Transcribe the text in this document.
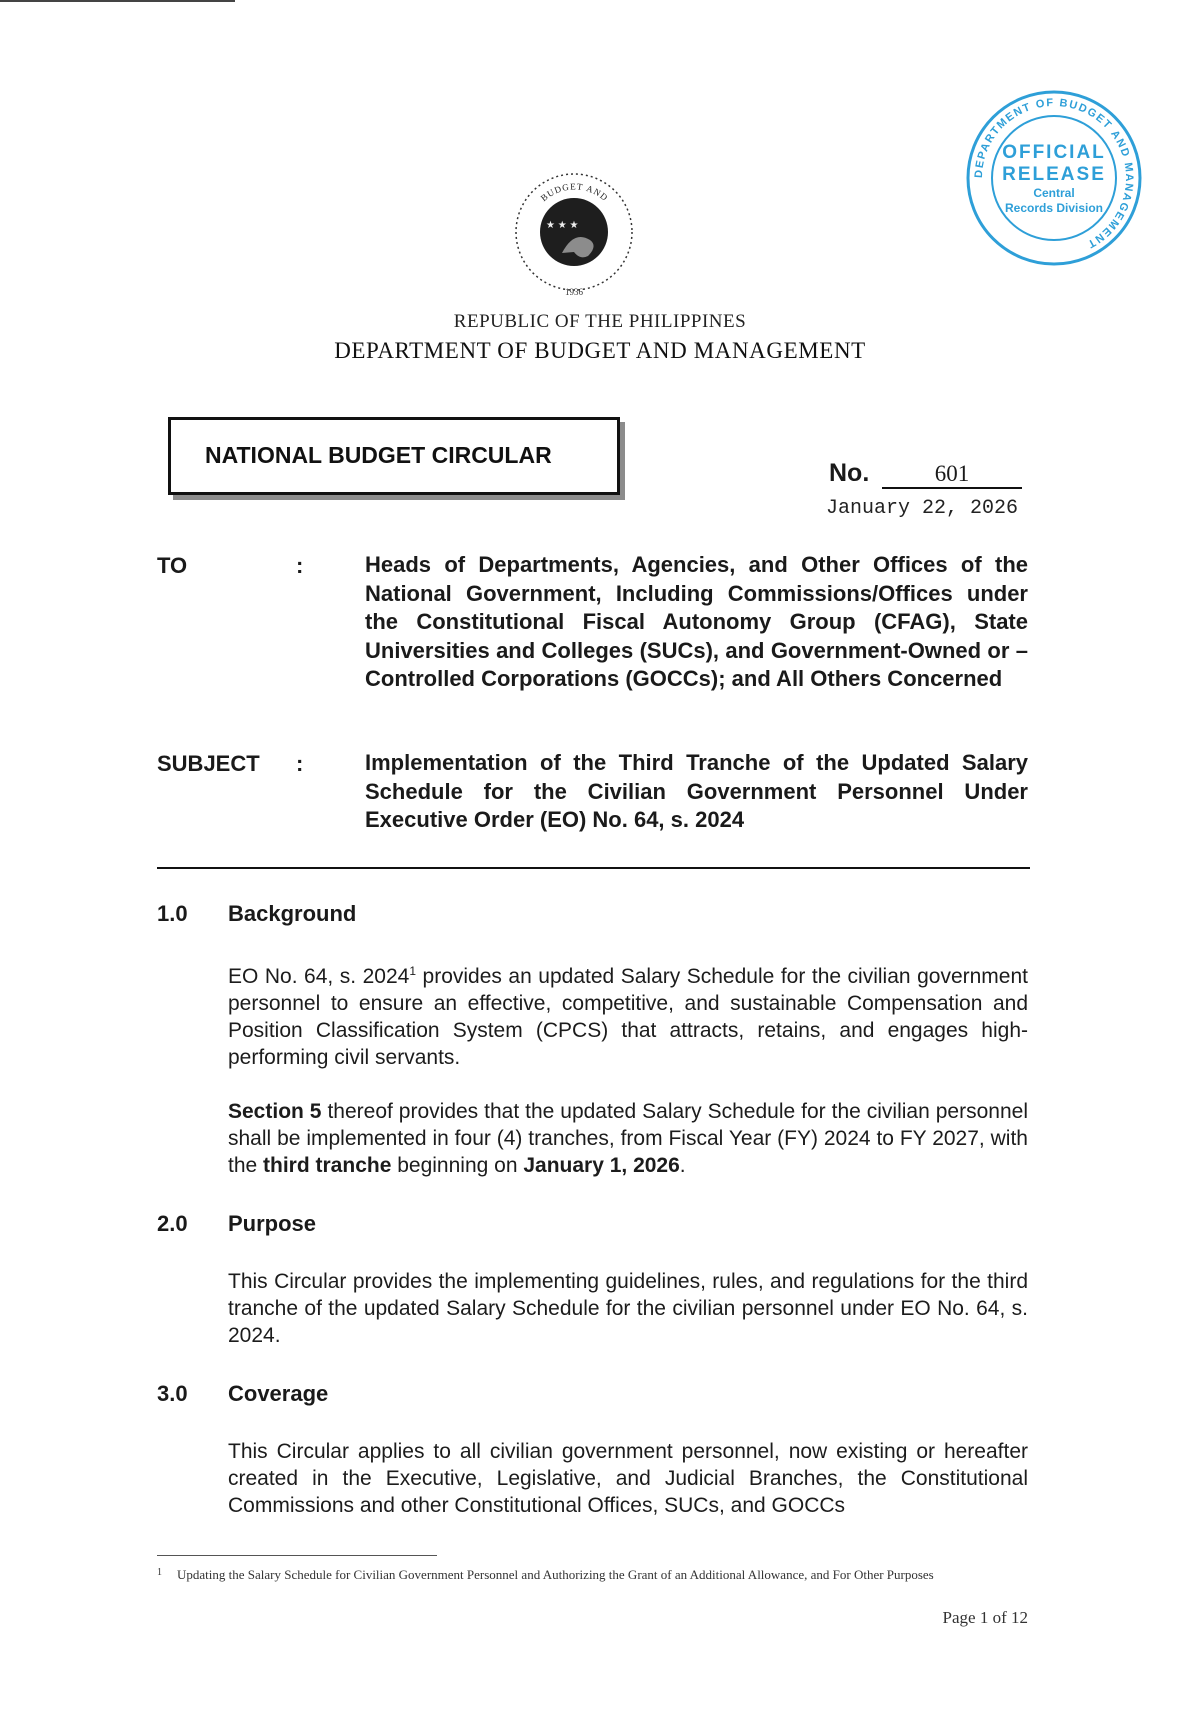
BUDGET AND
★ ★ ★
1936
DEPARTMENT OF BUDGET AND MANAGEMENT
OFFICIAL
RELEASE
Central
Records Division
REPUBLIC OF THE PHILIPPINES
DEPARTMENT OF BUDGET AND MANAGEMENT
NATIONAL BUDGET CIRCULAR
No.	601
January 22, 2026
TO	:	Heads of Departments, Agencies, and Other Offices of the National Government, Including Commissions/Offices under the Constitutional Fiscal Autonomy Group (CFAG), State Universities and Colleges (SUCs), and Government-Owned or –Controlled Corporations (GOCCs); and All Others Concerned
SUBJECT :	Implementation of the Third Tranche of the Updated Salary Schedule for the Civilian Government Personnel Under Executive Order (EO) No. 64, s. 2024
1.0 Background
EO No. 64, s. 2024$^1$ provides an updated Salary Schedule for the civilian government personnel to ensure an effective, competitive, and sustainable Compensation and Position Classification System (CPCS) that attracts, retains, and engages high-performing civil servants.
Section 5 thereof provides that the updated Salary Schedule for the civilian personnel shall be implemented in four (4) tranches, from Fiscal Year (FY) 2024 to FY 2027, with the third tranche beginning on January 1, 2026.
2.0 Purpose
This Circular provides the implementing guidelines, rules, and regulations for the third tranche of the updated Salary Schedule for the civilian personnel under EO No. 64, s. 2024.
3.0 Coverage
This Circular applies to all civilian government personnel, now existing or hereafter created in the Executive, Legislative, and Judicial Branches, the Constitutional Commissions and other Constitutional Offices, SUCs, and GOCCs
1 Updating the Salary Schedule for Civilian Government Personnel and Authorizing the Grant of an Additional Allowance, and For Other Purposes
Page 1 of 12
